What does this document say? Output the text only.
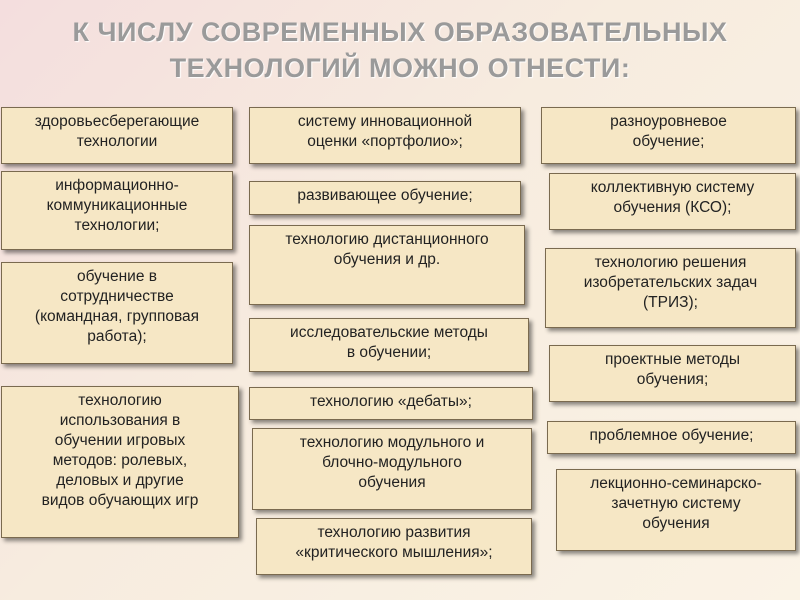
К ЧИСЛУ СОВРЕМЕННЫХ ОБРАЗОВАТЕЛЬНЫХ
ТЕХНОЛОГИЙ МОЖНО ОТНЕСТИ:
здоровьесберегающие
технологии
информационно-
коммуникационные
технологии;
обучение в
сотрудничестве
(командная, групповая
работа);
технологию
использования в
обучении игровых
методов: ролевых,
деловых и другие
видов обучающих игр
систему инновационной
оценки «портфолио»;
развивающее обучение;
технологию дистанционного
обучения и др.
исследовательские методы
в обучении;
технологию «дебаты»;
технологию модульного и
блочно-модульного
обучения
технологию развития
«критического мышления»;
разноуровневое
обучение;
коллективную систему
обучения (КСО);
технологию решения
изобретательских задач
(ТРИЗ);
проектные методы
обучения;
проблемное обучение;
лекционно-семинарско-
зачетную систему
обучения
